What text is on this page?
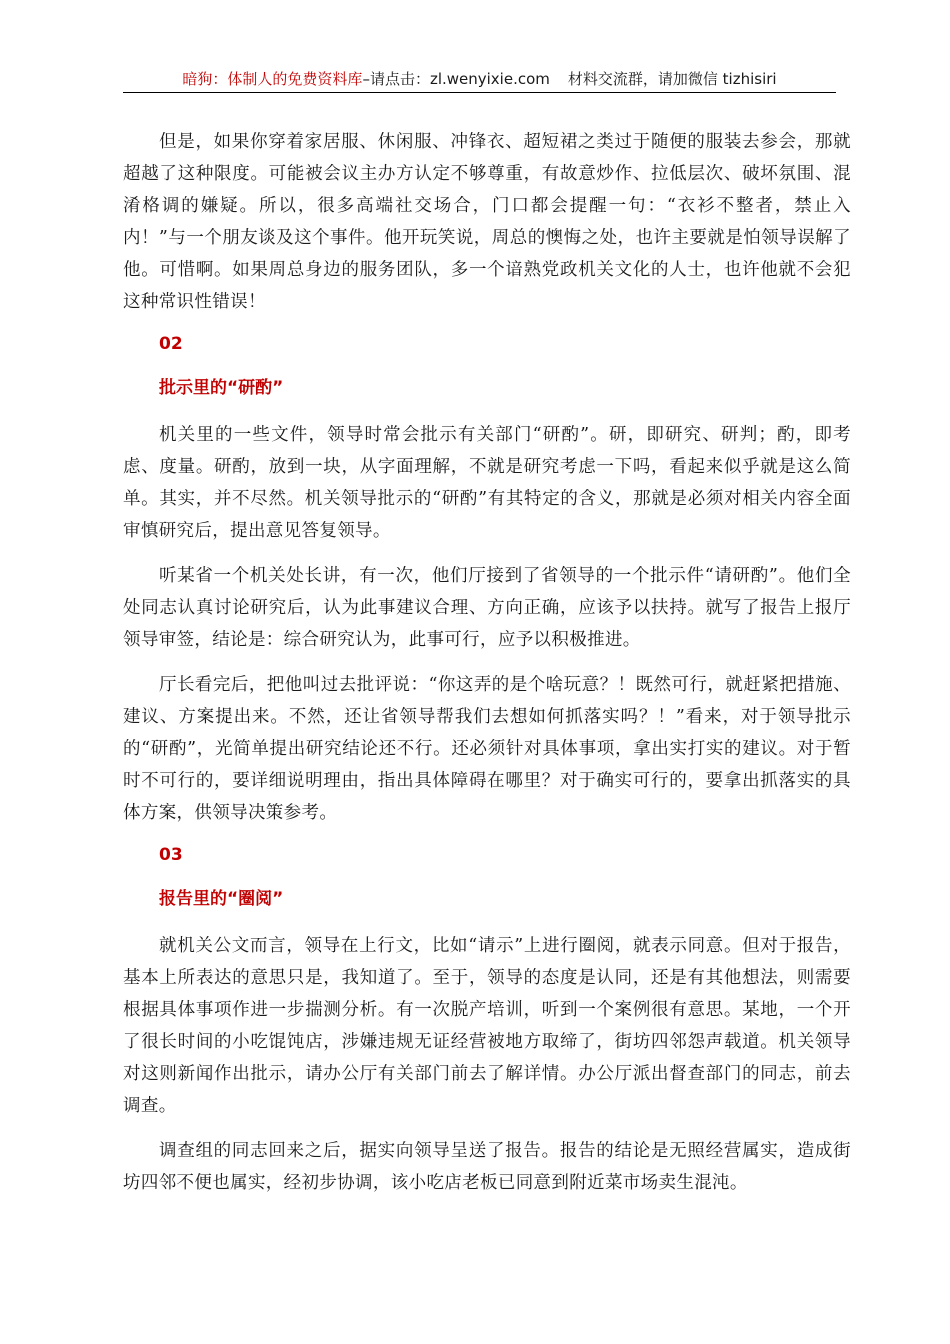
暗狗：体制人的免费资料库–请点击：zl.wenyixie.com 材料交流群，请加微信 tizhisiri

但是，如果你穿着家居服、休闲服、冲锋衣、超短裙之类过于随便的服装去参会，那就超越了这种限度。可能被会议主办方认定不够尊重，有故意炒作、拉低层次、破坏氛围、混淆格调的嫌疑。所以，很多高端社交场合，门口都会提醒一句：“衣衫不整者，禁止入内！”与一个朋友谈及这个事件。他开玩笑说，周总的懊悔之处，也许主要就是怕领导误解了他。可惜啊。如果周总身边的服务团队，多一个谙熟党政机关文化的人士，也许他就不会犯这种常识性错误！

02
批示里的“研酌”

机关里的一些文件，领导时常会批示有关部门“研酌”。研，即研究、研判；酌，即考虑、度量。研酌，放到一块，从字面理解，不就是研究考虑一下吗，看起来似乎就是这么简单。其实，并不尽然。机关领导批示的“研酌”有其特定的含义，那就是必须对相关内容全面审慎研究后，提出意见答复领导。

听某省一个机关处长讲，有一次，他们厅接到了省领导的一个批示件“请研酌”。他们全处同志认真讨论研究后，认为此事建议合理、方向正确，应该予以扶持。就写了报告上报厅领导审签，结论是：综合研究认为，此事可行，应予以积极推进。

厅长看完后，把他叫过去批评说：“你这弄的是个啥玩意？！既然可行，就赶紧把措施、建议、方案提出来。不然，还让省领导帮我们去想如何抓落实吗？！”看来，对于领导批示的“研酌”，光简单提出研究结论还不行。还必须针对具体事项，拿出实打实的建议。对于暂时不可行的，要详细说明理由，指出具体障碍在哪里？对于确实可行的，要拿出抓落实的具体方案，供领导决策参考。

03
报告里的“圈阅”

就机关公文而言，领导在上行文，比如“请示”上进行圈阅，就表示同意。但对于报告，基本上所表达的意思只是，我知道了。至于，领导的态度是认同，还是有其他想法，则需要根据具体事项作进一步揣测分析。有一次脱产培训，听到一个案例很有意思。某地，一个开了很长时间的小吃馄饨店，涉嫌违规无证经营被地方取缔了，街坊四邻怨声载道。机关领导对这则新闻作出批示，请办公厅有关部门前去了解详情。办公厅派出督查部门的同志，前去调查。

调查组的同志回来之后，据实向领导呈送了报告。报告的结论是无照经营属实，造成街坊四邻不便也属实，经初步协调，该小吃店老板已同意到附近菜市场卖生混沌。
